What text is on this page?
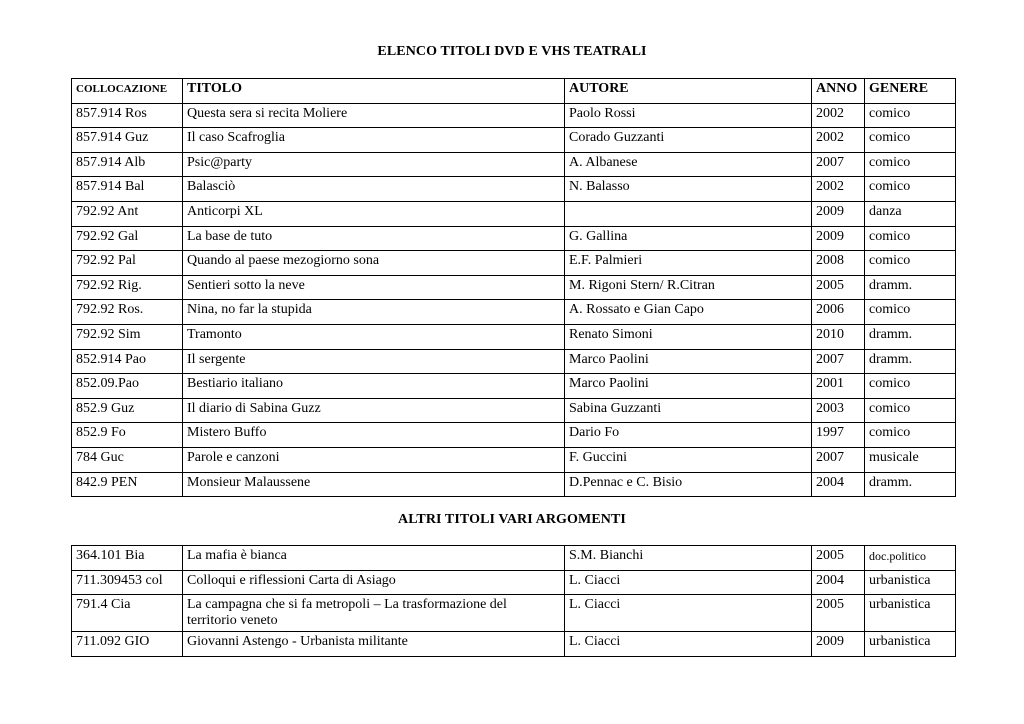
ELENCO TITOLI DVD E VHS TEATRALI
COLLOCAZIONE	TITOLO	AUTORE	ANNO	GENERE
857.914 Ros	Questa sera si recita Moliere	Paolo Rossi	2002	comico
857.914 Guz	Il caso Scafroglia	Corado Guzzanti	2002	comico
857.914 Alb	Psic@party	A. Albanese	2007	comico
857.914 Bal	Balasciò	N. Balasso	2002	comico
792.92 Ant	Anticorpi XL		2009	danza
792.92 Gal	La base de tuto	G. Gallina	2009	comico
792.92 Pal	Quando al paese mezogiorno sona	E.F. Palmieri	2008	comico
792.92 Rig.	Sentieri sotto la neve	M. Rigoni Stern/ R.Citran	2005	dramm.
792.92 Ros.	Nina, no far la stupida	A. Rossato e Gian Capo	2006	comico
792.92 Sim	Tramonto	Renato Simoni	2010	dramm.
852.914 Pao	Il sergente	Marco Paolini	2007	dramm.
852.09.Pao	Bestiario italiano	Marco Paolini	2001	comico
852.9 Guz	Il diario di Sabina Guzz	Sabina Guzzanti	2003	comico
852.9 Fo	Mistero Buffo	Dario Fo	1997	comico
784 Guc	Parole e canzoni	F. Guccini	2007	musicale
842.9 PEN	Monsieur Malaussene	D.Pennac e C. Bisio	2004	dramm.
ALTRI TITOLI VARI ARGOMENTI
364.101 Bia	La mafia è bianca	S.M. Bianchi	2005	doc.politico
711.309453 col	Colloqui e riflessioni Carta di Asiago	L. Ciacci	2004	urbanistica
791.4 Cia	La campagna che si fa metropoli – La trasformazione del territorio veneto	L. Ciacci	2005	urbanistica
711.092 GIO	Giovanni Astengo - Urbanista militante	L. Ciacci	2009	urbanistica
